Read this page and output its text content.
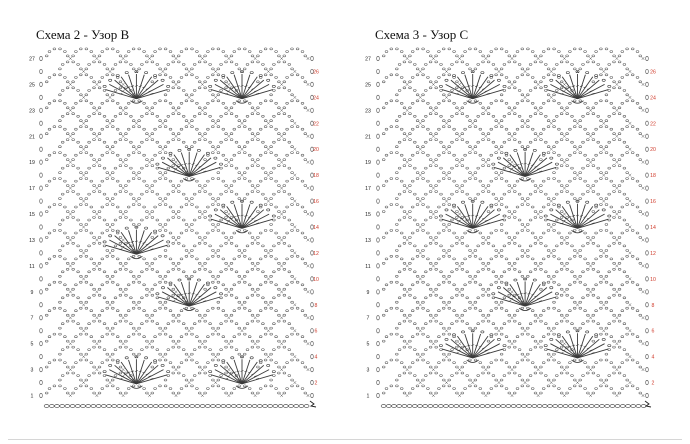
Схема 2 - Узор B
1
3
5
7
9
11
13
15
17
19
21
23
25
27
2
4
6
8
10
12
14
16
18
20
22
24
26
Схема 3 - Узор C
1
3
5
7
9
11
13
15
17
19
21
23
25
27
2
4
6
8
10
12
14
16
18
20
22
24
26
